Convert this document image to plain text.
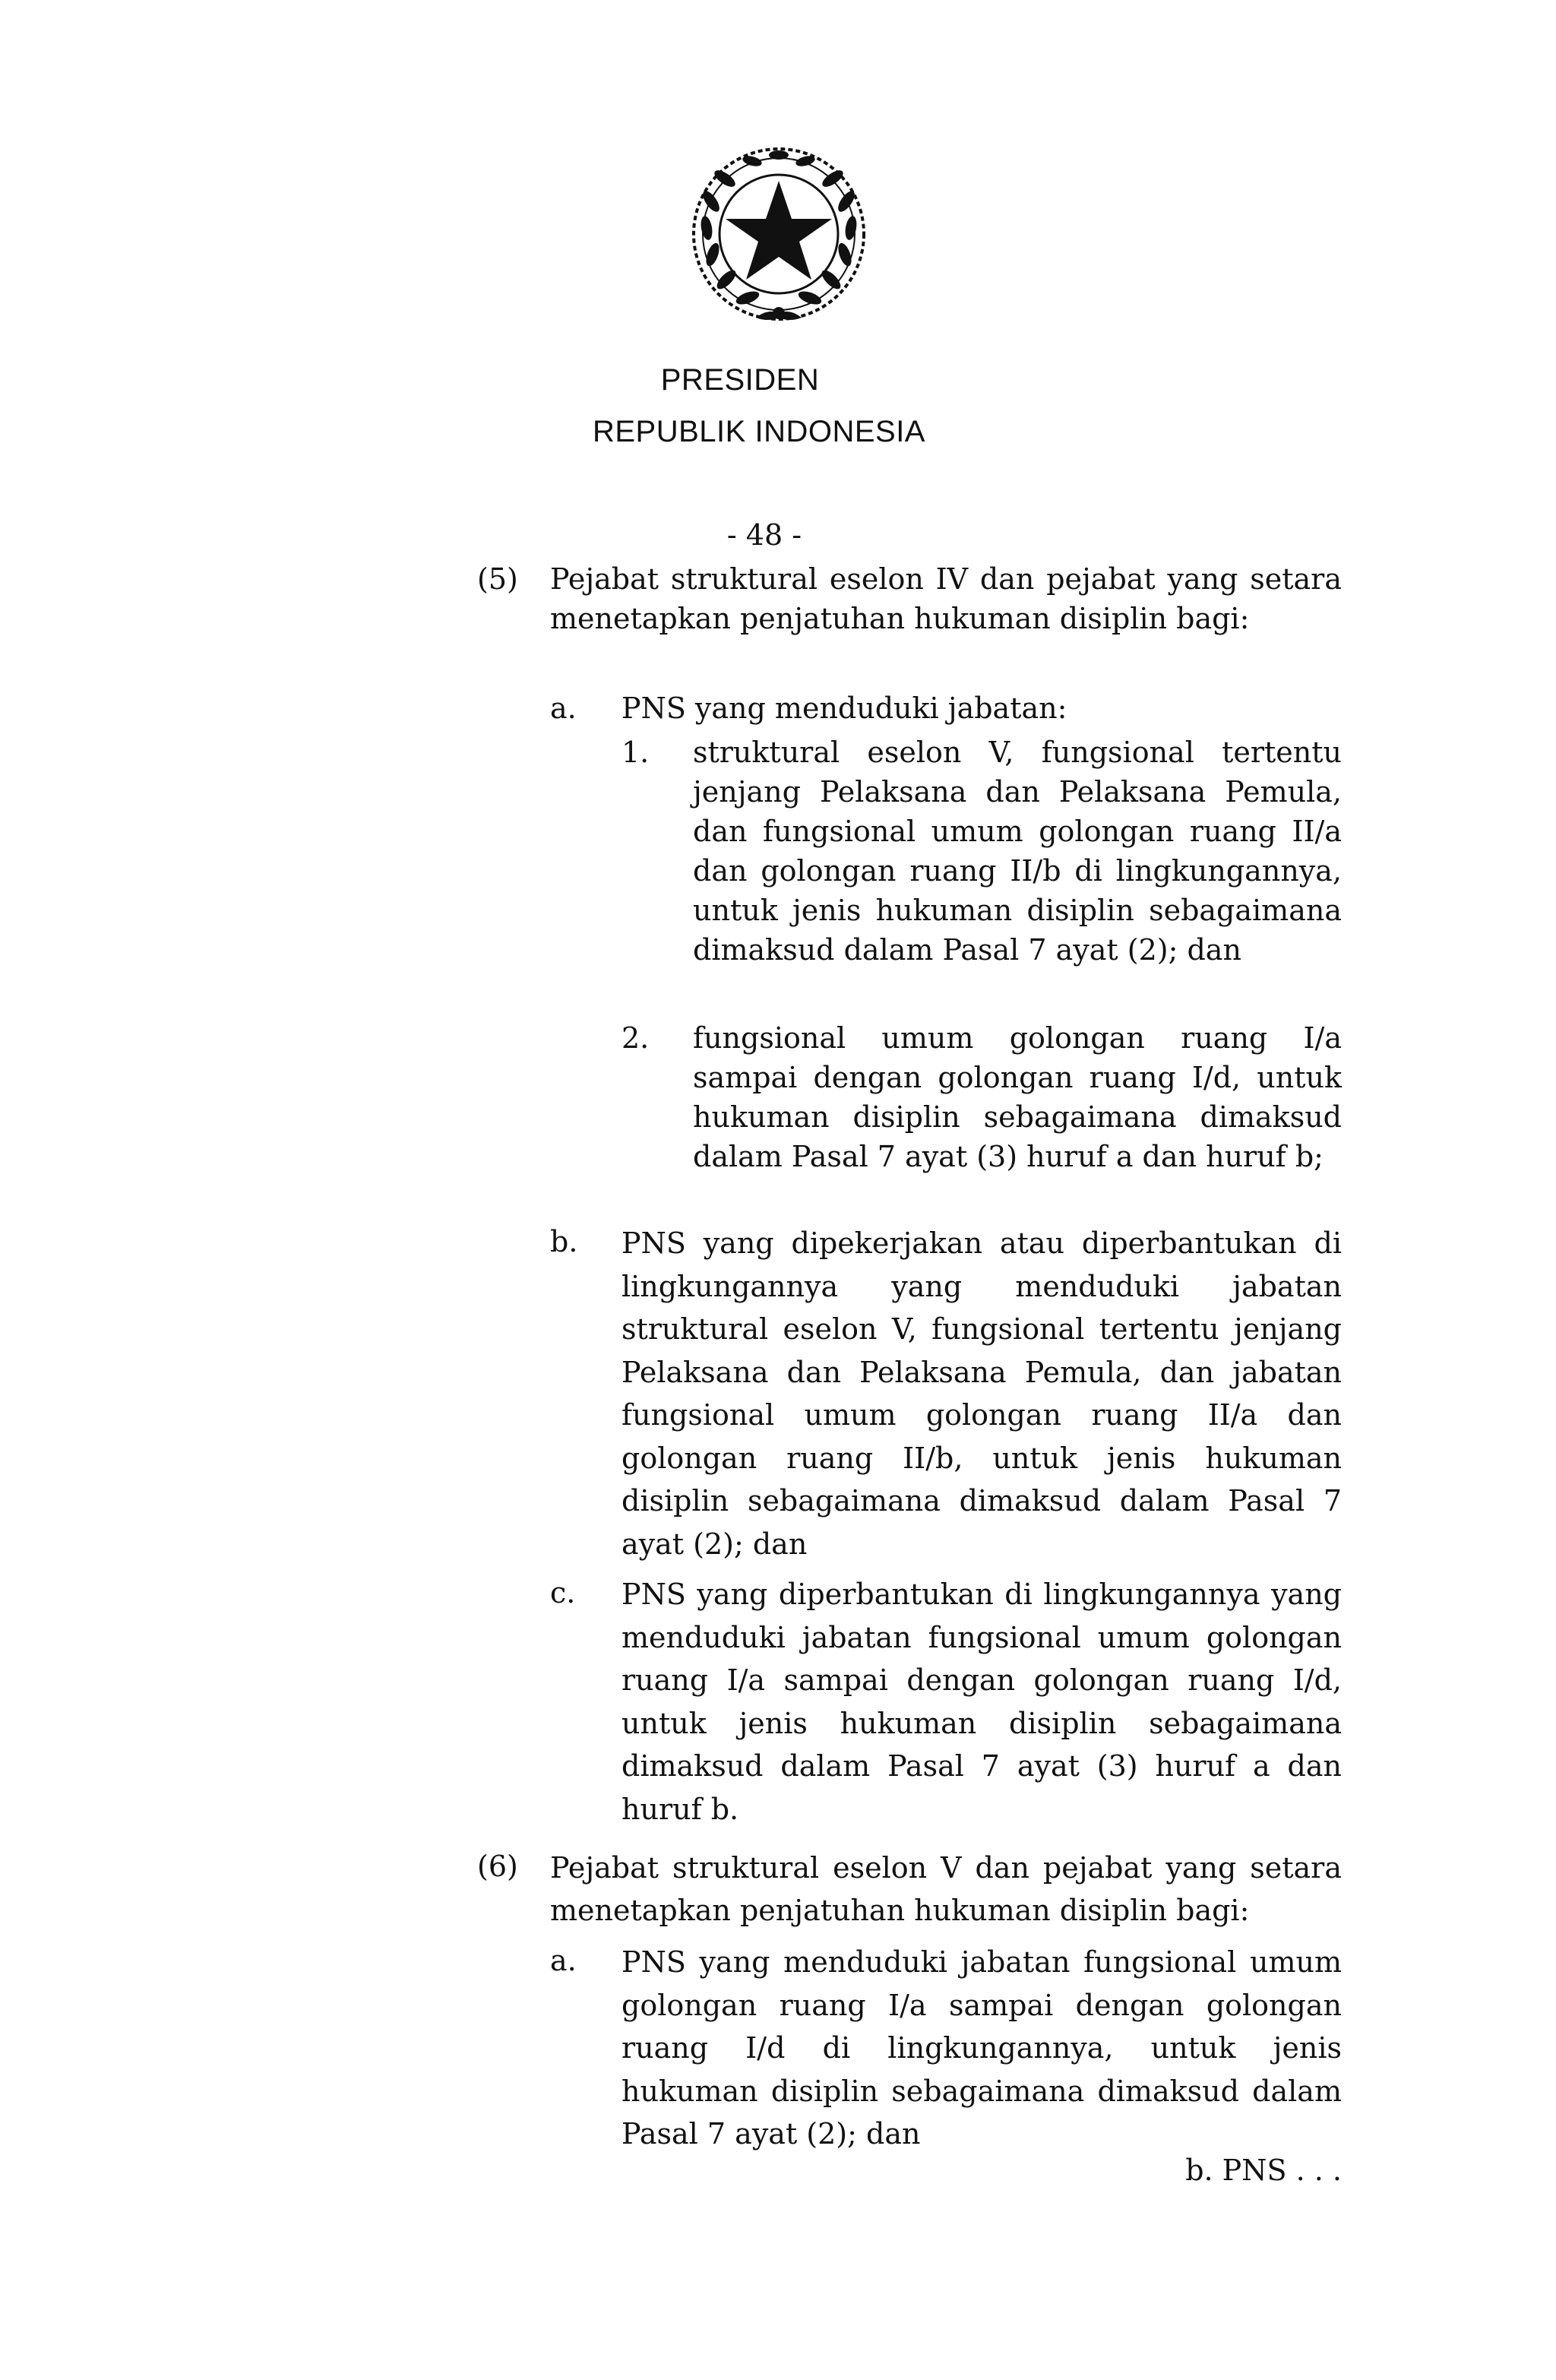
PRESIDEN
REPUBLIK INDONESIA
- 48 -
(5) Pejabat struktural eselon IV dan pejabat yang setara menetapkan penjatuhan hukuman disiplin bagi:
a. PNS yang menduduki jabatan:
1. struktural eselon V, fungsional tertentu jenjang Pelaksana dan Pelaksana Pemula, dan fungsional umum golongan ruang II/a dan golongan ruang II/b di lingkungannya, untuk jenis hukuman disiplin sebagaimana dimaksud dalam Pasal 7 ayat (2); dan
2. fungsional umum golongan ruang I/a sampai dengan golongan ruang I/d, untuk hukuman disiplin sebagaimana dimaksud dalam Pasal 7 ayat (3) huruf a dan huruf b;
b. PNS yang dipekerjakan atau diperbantukan di lingkungannya yang menduduki jabatan struktural eselon V, fungsional tertentu jenjang Pelaksana dan Pelaksana Pemula, dan jabatan fungsional umum golongan ruang II/a dan golongan ruang II/b, untuk jenis hukuman disiplin sebagaimana dimaksud dalam Pasal 7 ayat (2); dan
c. PNS yang diperbantukan di lingkungannya yang menduduki jabatan fungsional umum golongan ruang I/a sampai dengan golongan ruang I/d, untuk jenis hukuman disiplin sebagaimana dimaksud dalam Pasal 7 ayat (3) huruf a dan huruf b.
(6) Pejabat struktural eselon V dan pejabat yang setara menetapkan penjatuhan hukuman disiplin bagi:
a. PNS yang menduduki jabatan fungsional umum golongan ruang I/a sampai dengan golongan ruang I/d di lingkungannya, untuk jenis hukuman disiplin sebagaimana dimaksud dalam Pasal 7 ayat (2); dan
b. PNS . . .
